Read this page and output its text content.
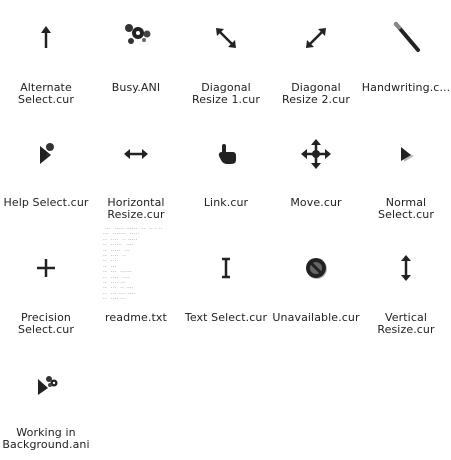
Alternate
Select.cur
Busy.ANI	Diagonal
Resize 1.cur
Diagonal
Resize 2.cur
Handwriting.c...
Help Select.cur	Horizontal
Resize.cur
Link.cur	Move.cur	Normal
Select.cur
Precision
Select.cur
---  ----- ------  --  -- - --
---  -------  -----
--  ----  -- -----
--  ------  ----
--  -----  ---
--  ----  --
--  ----
--  ---
--  ---  ------
--  ----  ----
--  ---- ---
--  ---  -- ----
--  --- ---- ----
--  ---- ---
readme.txt	Text Select.cur Unavailable.cur	Vertical
Resize.cur
Working in
Background.ani
